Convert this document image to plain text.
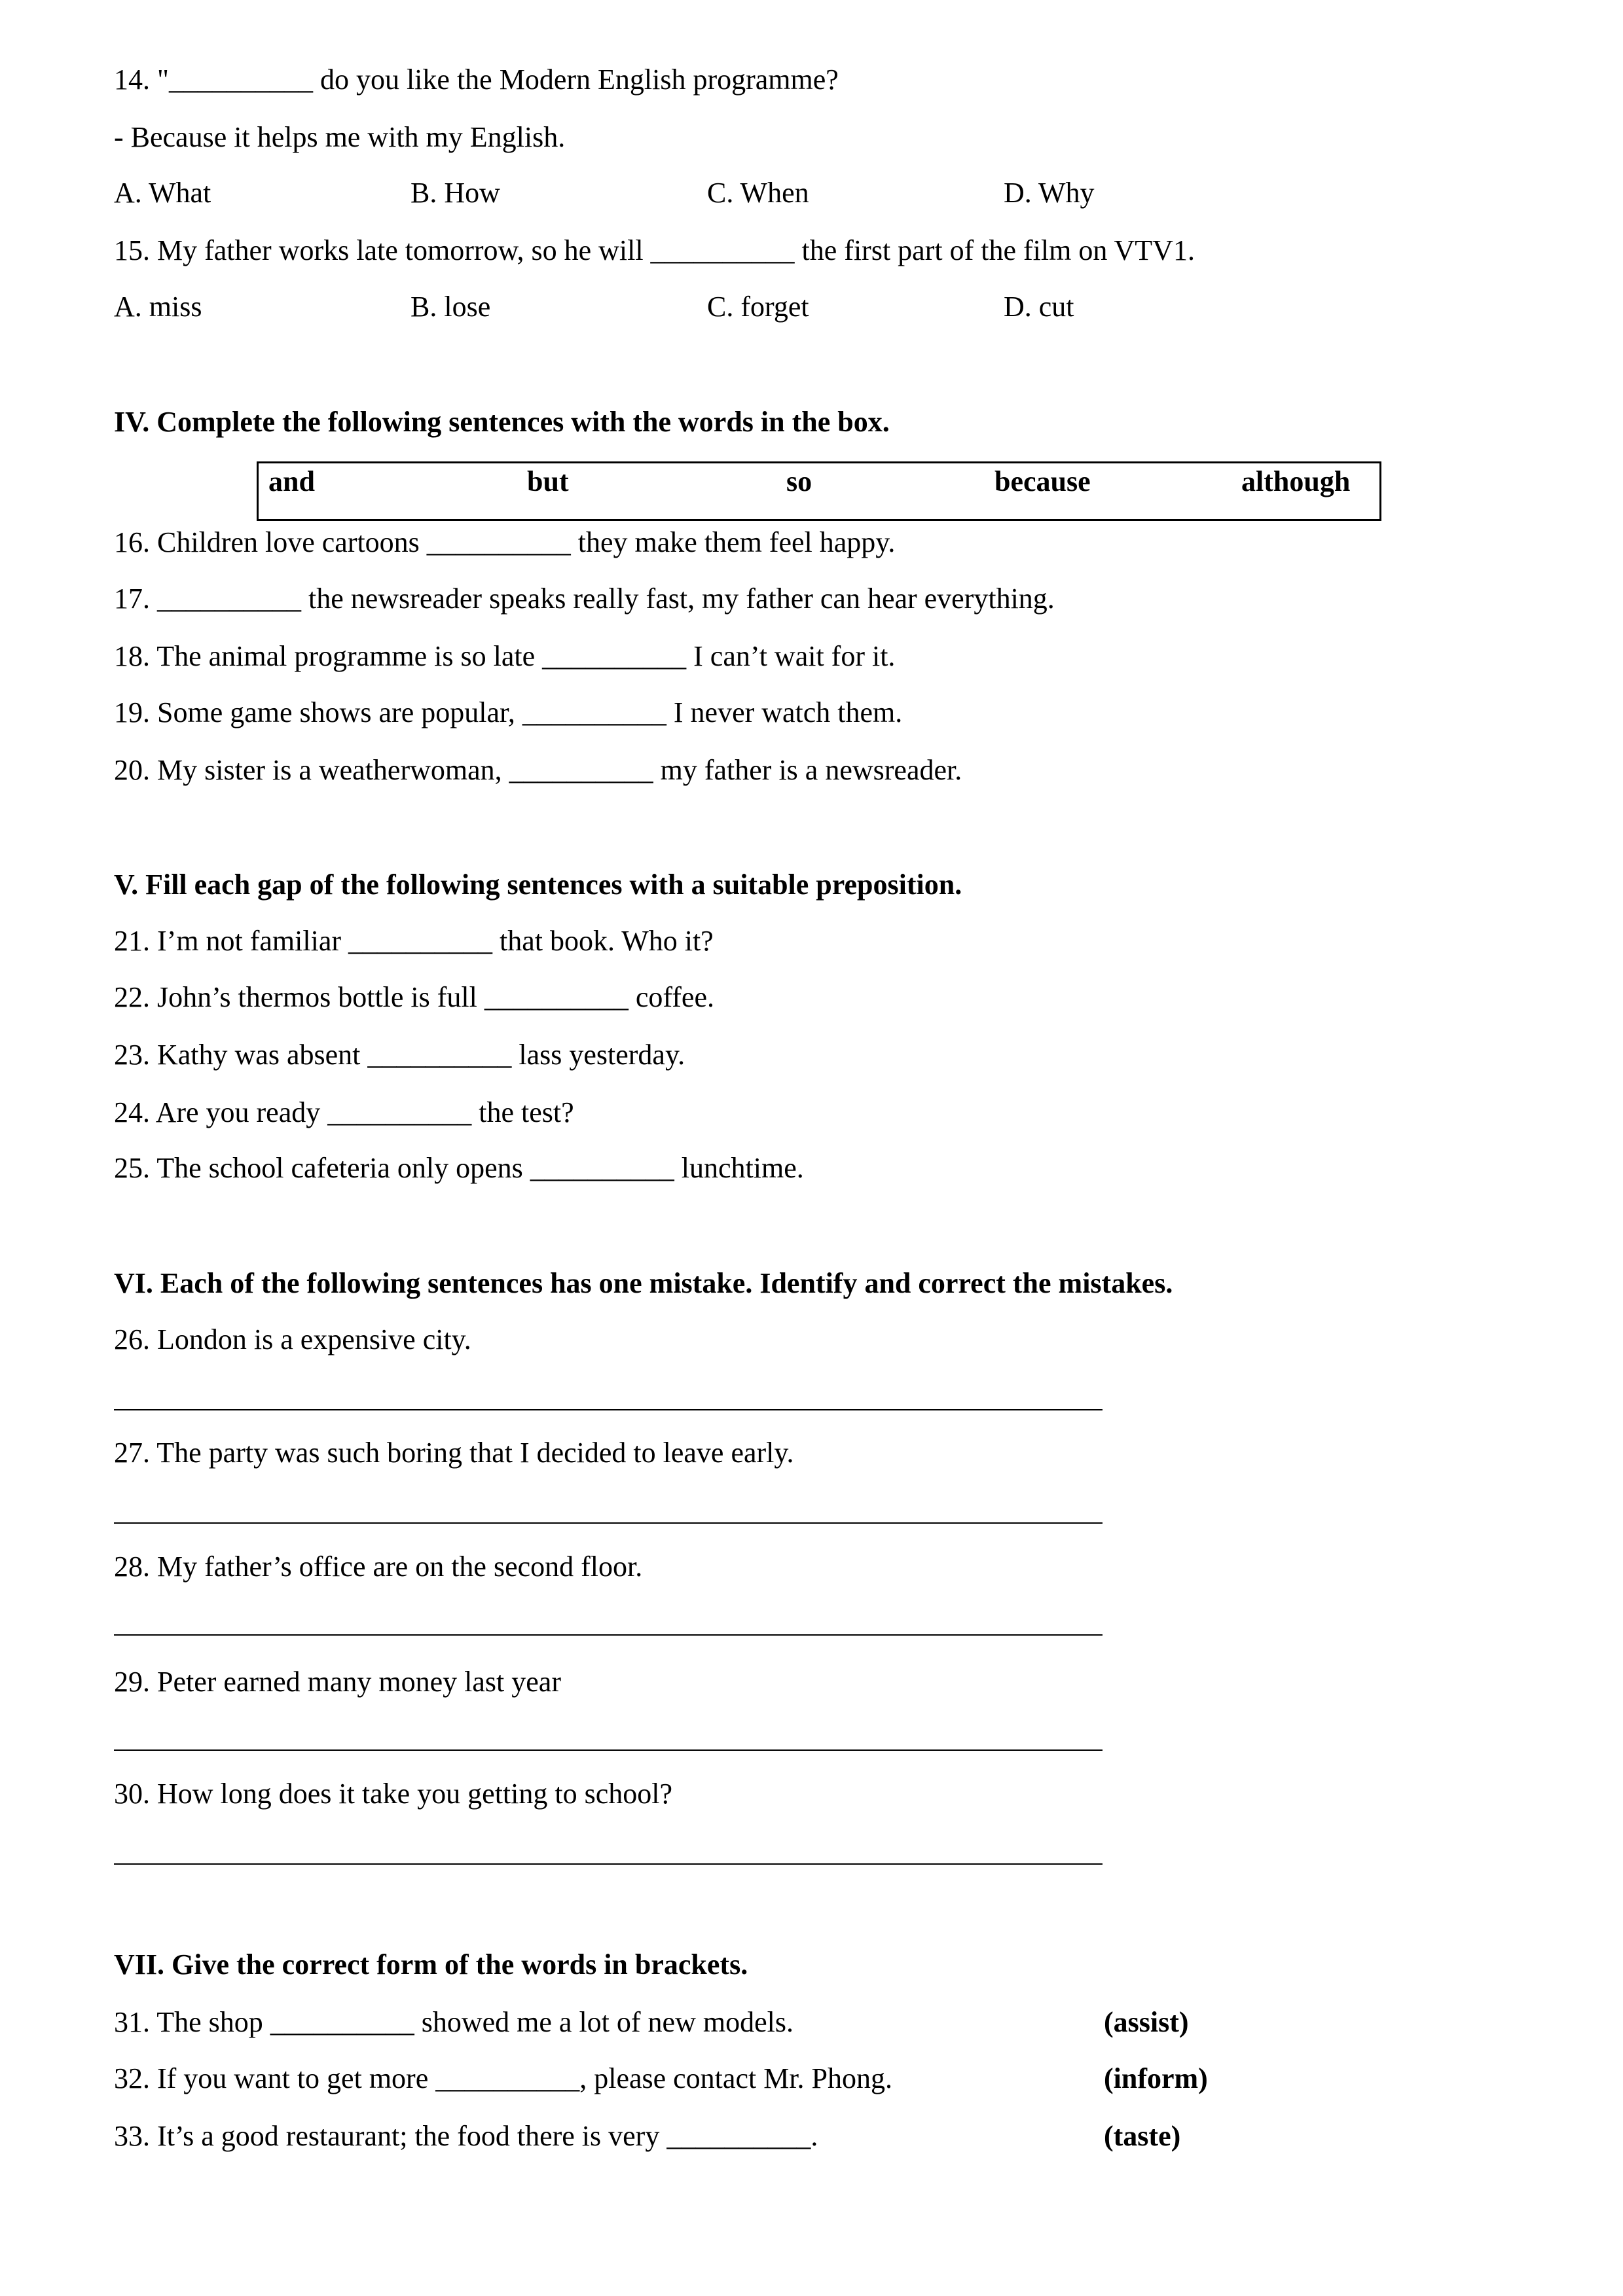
14. "__________ do you like the Modern English programme?
- Because it helps me with my English.
A. What	B. How	C. When	D. Why
15. My father works late tomorrow, so he will __________ the first part of the film on VTV1.
A. miss	B. lose	C. forget	D. cut
IV. Complete the following sentences with the words in the box.
and	but	so	because	although
16. Children love cartoons __________ they make them feel happy.
17. __________ the newsreader speaks really fast, my father can hear everything.
18. The animal programme is so late __________ I can’t wait for it.
19. Some game shows are popular, __________ I never watch them.
20. My sister is a weatherwoman, __________ my father is a newsreader.
V. Fill each gap of the following sentences with a suitable preposition.
21. I’m not familiar __________ that book. Who it?
22. John’s thermos bottle is full __________ coffee.
23. Kathy was absent __________ lass yesterday.
24. Are you ready __________ the test?
25. The school cafeteria only opens __________ lunchtime.
VI. Each of the following sentences has one mistake. Identify and correct the mistakes.
26. London is a expensive city.
27. The party was such boring that I decided to leave early.
28. My father’s office are on the second floor.
29. Peter earned many money last year
30. How long does it take you getting to school?
VII. Give the correct form of the words in brackets.
31. The shop __________ showed me a lot of new models.	(assist)
32. If you want to get more __________, please contact Mr. Phong.	(inform)
33. It’s a good restaurant; the food there is very __________.	(taste)
